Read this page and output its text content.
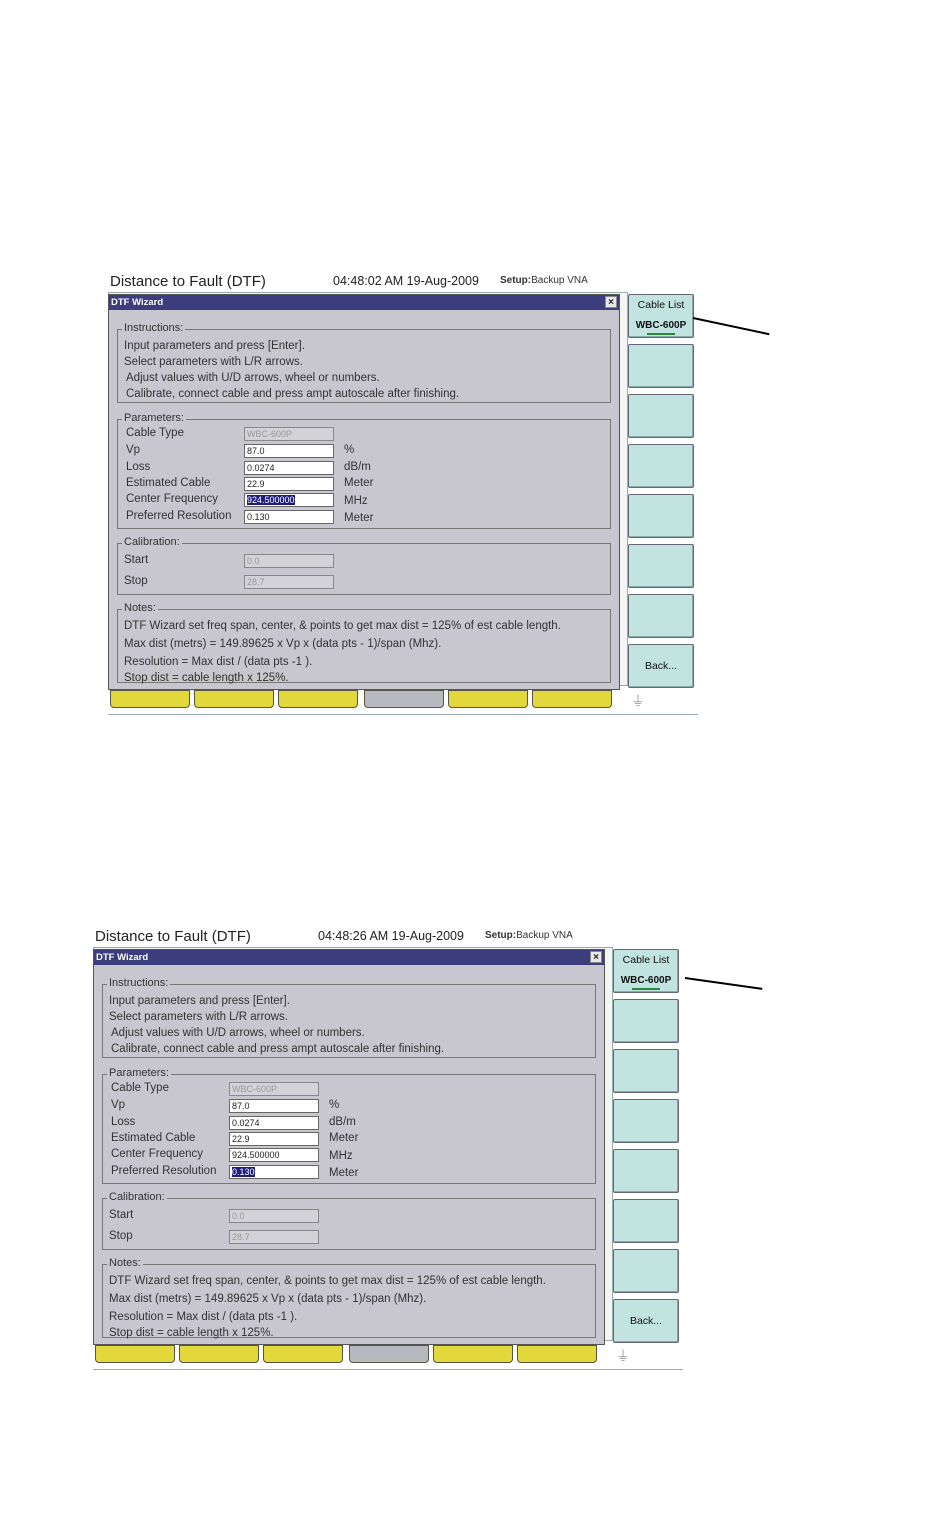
Distance to Fault (DTF)	04:48:02 AM 19-Aug-2009 Setup:Backup VNA
DTF Wizard	×
Instructions:
Input parameters and press [Enter].
Select parameters with L/R arrows.
Adjust values with U/D arrows, wheel or numbers.
Calibrate, connect cable and press ampt autoscale after finishing.
Parameters:
Cable Type	WBC-600P
Vp	87.0	%
Loss	0.0274	dB/m
Estimated Cable	22.9	Meter
Center Frequency	924.500000	MHz
Preferred Resolution	0.130	Meter
Calibration:
Start	0.0
Stop	28.7
Notes:
DTF Wizard set freq span, center, & points to get max dist = 125% of est cable length.
Max dist (metrs) = 149.89625 x Vp x (data pts - 1)/span (Mhz).
Resolution = Max dist / (data pts -1 ).
Stop dist = cable length x 125%.
Cable List
WBC-600P
Back...
⏚
Distance to Fault (DTF)	04:48:26 AM 19-Aug-2009 Setup:Backup VNA
DTF Wizard	×
Instructions:
Input parameters and press [Enter].
Select parameters with L/R arrows.
Adjust values with U/D arrows, wheel or numbers.
Calibrate, connect cable and press ampt autoscale after finishing.
Parameters:
Cable Type	WBC-600P
Vp	87.0	%
Loss	0.0274	dB/m
Estimated Cable	22.9	Meter
Center Frequency	924.500000	MHz
Preferred Resolution	0.130	Meter
Calibration:
Start	0.0
Stop	28.7
Notes:
DTF Wizard set freq span, center, & points to get max dist = 125% of est cable length.
Max dist (metrs) = 149.89625 x Vp x (data pts - 1)/span (Mhz).
Resolution = Max dist / (data pts -1 ).
Stop dist = cable length x 125%.
Cable List
WBC-600P
Back...
⏚
